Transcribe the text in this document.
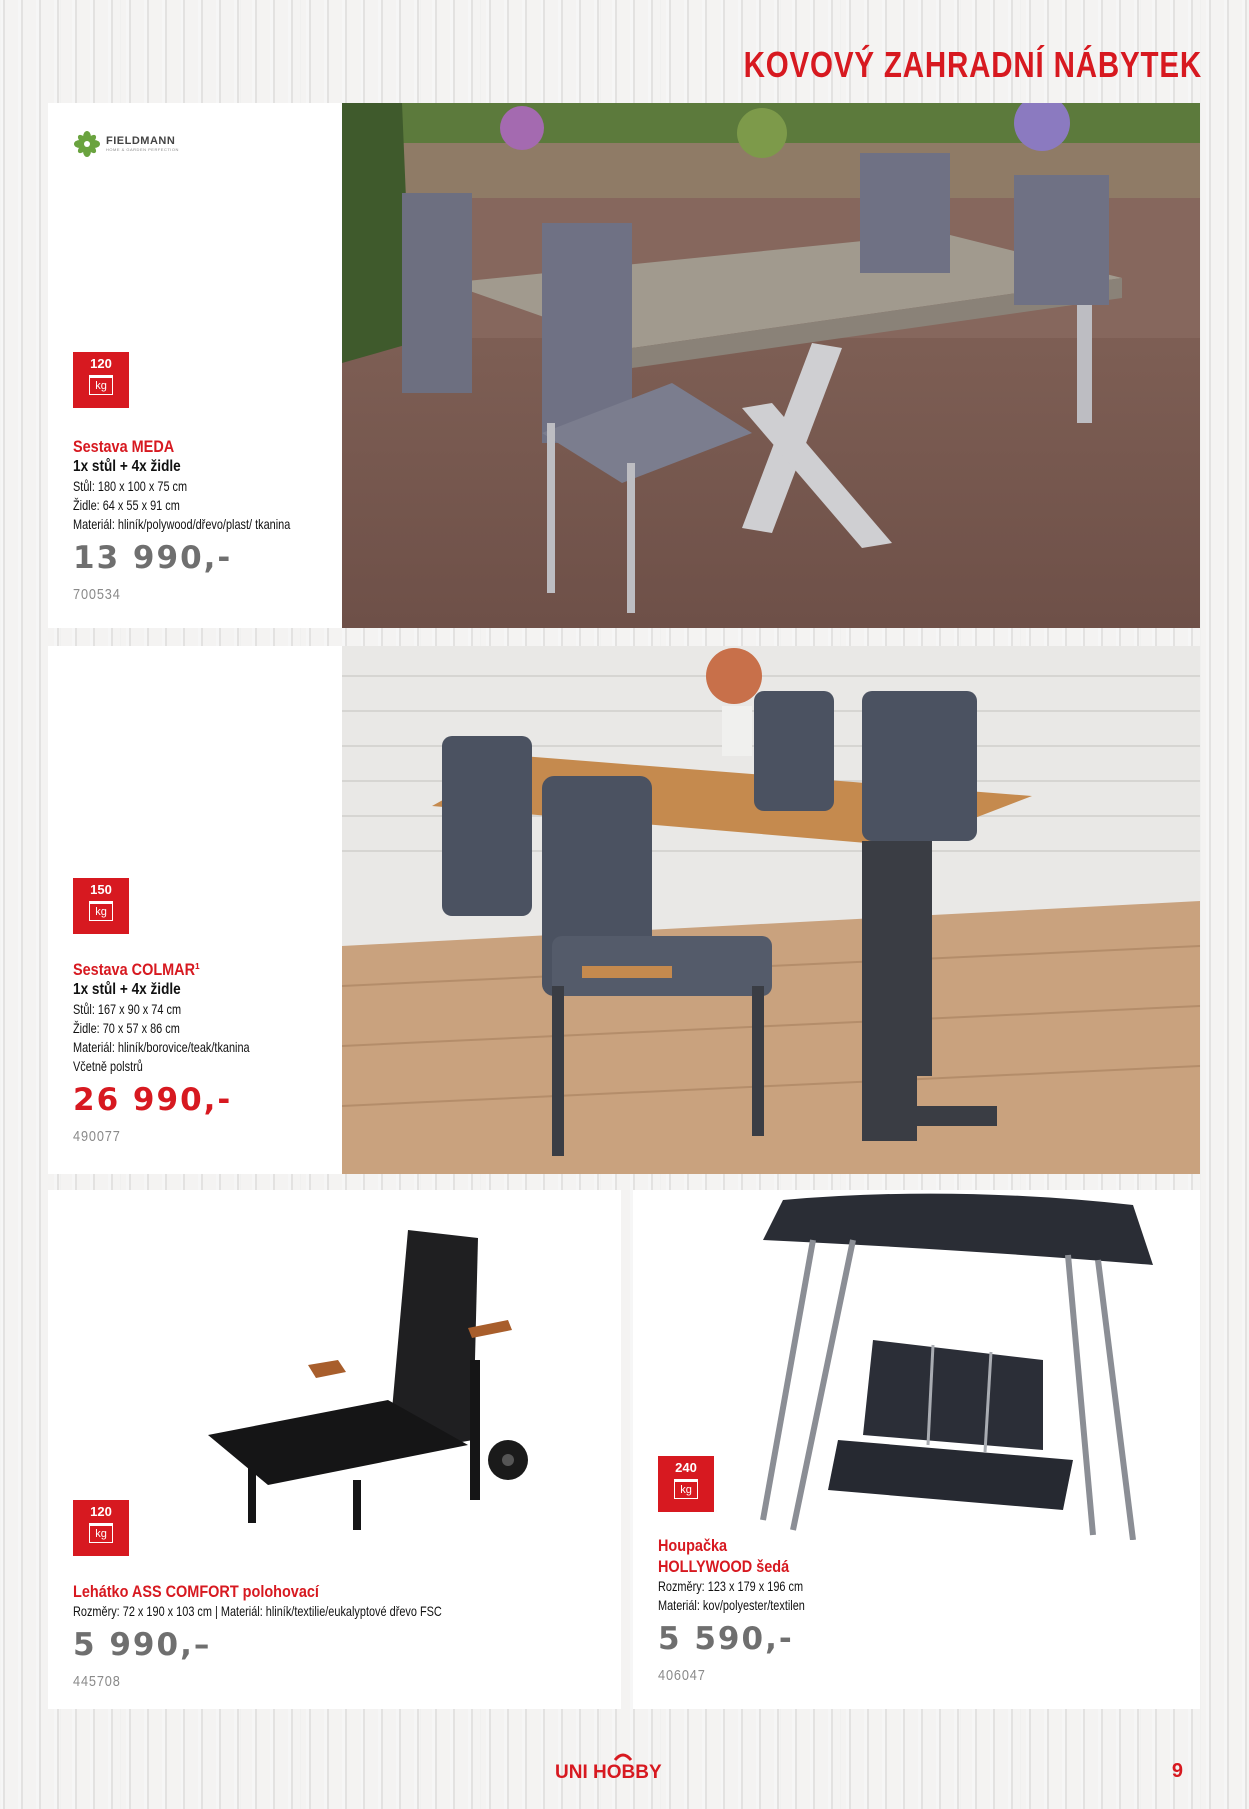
KOVOVÝ ZAHRADNÍ NÁBYTEK
FIELDMANN
HOME & GARDEN PERFECTION
120
kg
Sestava MEDA
1x stůl + 4x židle
Stůl: 180 x 100 x 75 cm
Židle: 64 x 55 x 91 cm
Materiál: hliník/polywood/dřevo/plast/ tkanina
13 990,-
700534
150
kg
Sestava COLMAR¹
1x stůl + 4x židle
Stůl: 167 x 90 x 74 cm
Židle: 70 x 57 x 86 cm
Materiál: hliník/borovice/teak/tkanina
Včetně polstrů
26 990,-
490077
120
kg
Lehátko ASS COMFORT polohovací
Rozměry: 72 x 190 x 103 cm | Materiál: hliník/textilie/eukalyptové dřevo FSC
5 990,–
445708
240
kg
Houpačka
HOLLYWOOD šedá
Rozměry: 123 x 179 x 196 cm
Materiál: kov/polyester/textilen
5 590,-
406047
UNI HOBBY	9
